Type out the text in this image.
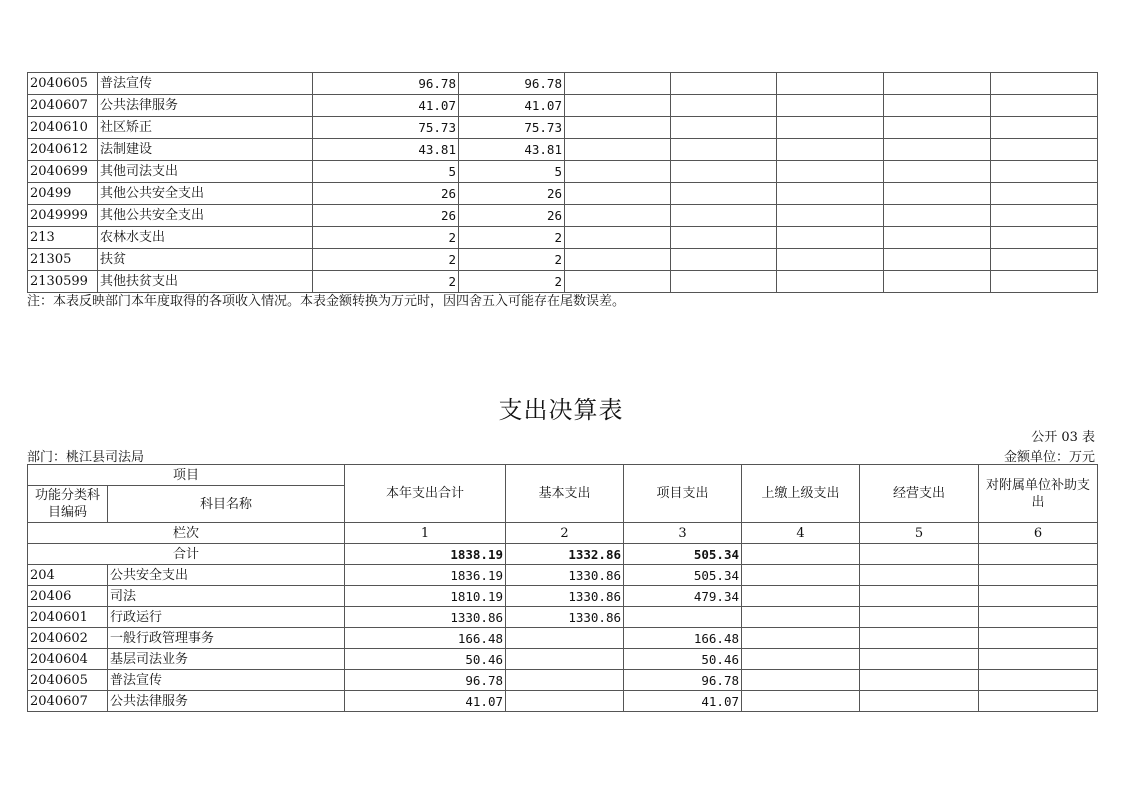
2040605	普法宣传	96.78	96.78					
2040607	公共法律服务	41.07	41.07					
2040610	社区矫正	75.73	75.73					
2040612	法制建设	43.81	43.81					
2040699	其他司法支出	5	5					
20499	其他公共安全支出	26	26					
2049999	其他公共安全支出	26	26					
213	农林水支出	2	2					
21305	扶贫	2	2					
2130599	其他扶贫支出	2	2					
注：本表反映部门本年度取得的各项收入情况。本表金额转换为万元时，因四舍五入可能存在尾数误差。
支出决算表
公开 03 表
部门：桃江县司法局	金额单位：万元
项目		本年支出合计	基本支出	项目支出	上缴上级支出	经营支出	对附属单位补助支出
功能分类科目编码	科目名称						
栏次		1	2	3	4	5	6
合计		1838.19	1332.86	505.34			
204	公共安全支出	1836.19	1330.86	505.34			
20406	司法	1810.19	1330.86	479.34			
2040601	行政运行	1330.86	1330.86				
2040602	一般行政管理事务	166.48		166.48			
2040604	基层司法业务	50.46		50.46			
2040605	普法宣传	96.78		96.78			
2040607	公共法律服务	41.07		41.07			
